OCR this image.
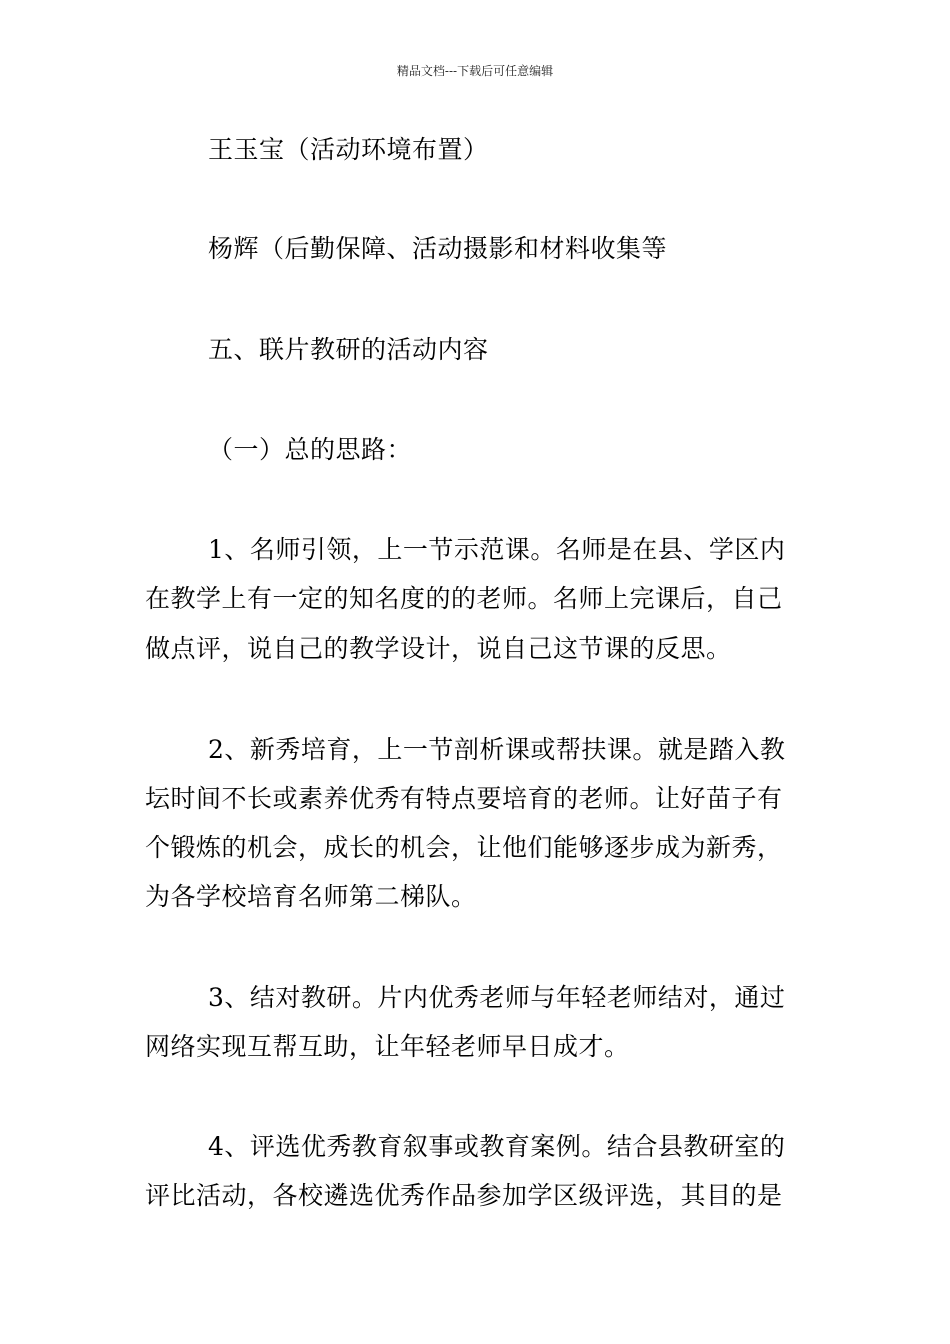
精品文档---下载后可任意编辑
王玉宝（活动环境布置）
杨辉（后勤保障、活动摄影和材料收集等
五、联片教研的活动内容
（一）总的思路：
1、名师引领，上一节示范课。名师是在县、学区内
在教学上有一定的知名度的的老师。名师上完课后，自己
做点评，说自己的教学设计，说自己这节课的反思。
2、新秀培育，上一节剖析课或帮扶课。就是踏入教
坛时间不长或素养优秀有特点要培育的老师。让好苗子有
个锻炼的机会，成长的机会，让他们能够逐步成为新秀，
为各学校培育名师第二梯队。
3、结对教研。片内优秀老师与年轻老师结对，通过
网络实现互帮互助，让年轻老师早日成才。
4、评选优秀教育叙事或教育案例。结合县教研室的
评比活动，各校遴选优秀作品参加学区级评选，其目的是
